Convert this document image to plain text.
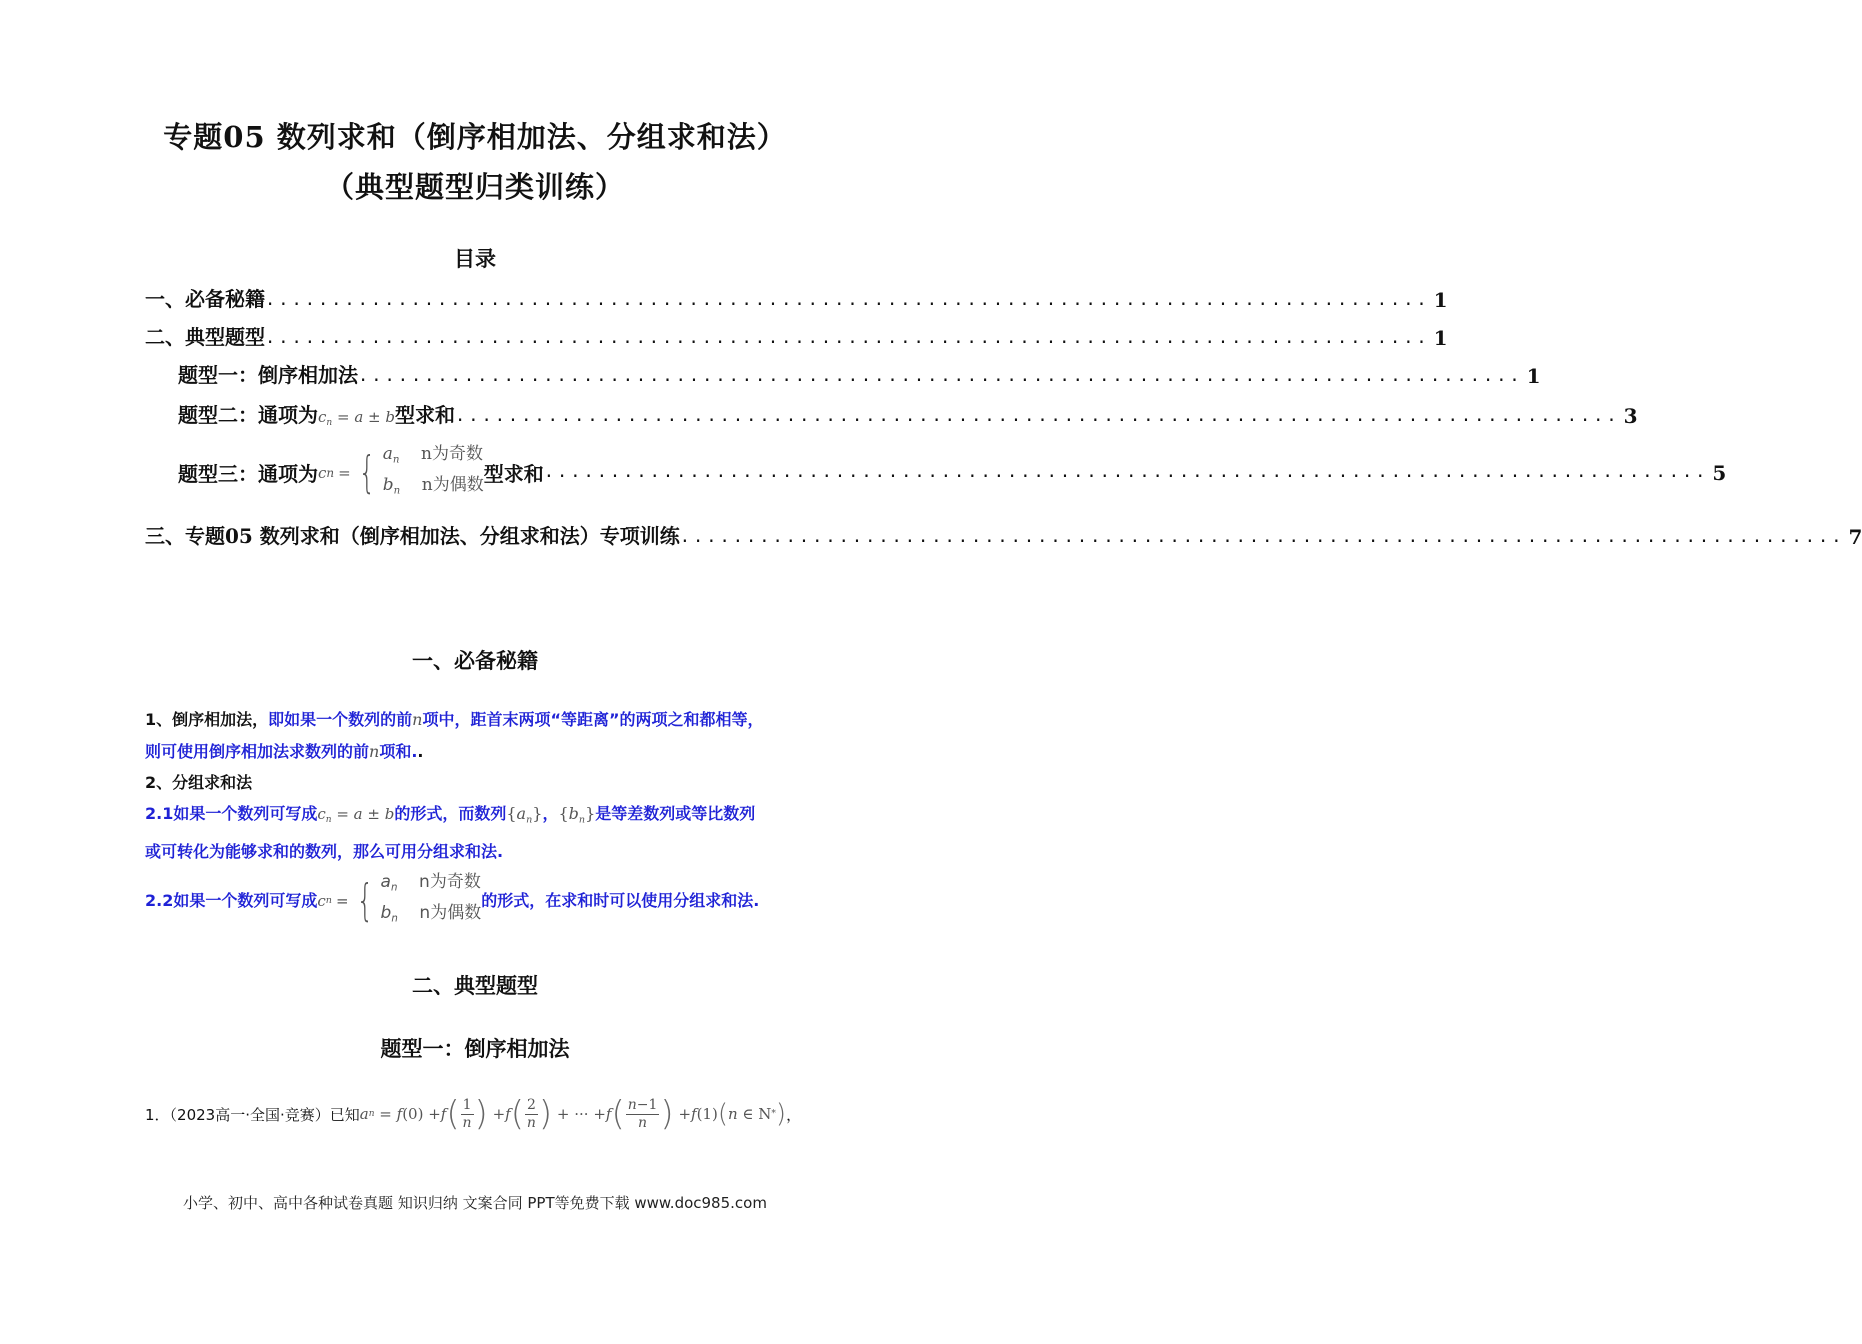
专题05 数列求和（倒序相加法、分组求和法）
（典型题型归类训练）
目录
一、必备秘籍 ........................................................................................ 1
二、典型题型 ........................................................................................ 1
题型一：倒序相加法 ........................................................................................ 1
题型二：通项为$c_n = a \pm b$型求和 ........................................................................................ 3
题型三：通项为 c n = { $a_n$ n为奇数
$b_n$ n为偶数 型求和 ........................................................................................ 5
三、专题05 数列求和（倒序相加法、分组求和法）专项训练 ........................................................................................ 7
一、必备秘籍
1、倒序相加法，即如果一个数列的前n项中，距首末两项“等距离”的两项之和都相等，
则可使用倒序相加法求数列的前n项和..
2、分组求和法
2.1如果一个数列可写成$c_n = a \pm b$的形式，而数列$\{a_n\}$，$\{b_n\}$是等差数列或等比数列
或可转化为能够求和的数列，那么可用分组求和法.
2.2如果一个数列可写成 c n = { $a_n$ n为奇数
$b_n$ n为偶数
的形式，在求和时可以使用分组求和法.
二、典型题型
题型一：倒序相加法
1．（2023高一·全国·竞赛）已知 a n = f (0) + f ( $\frac{1}{n}$ ) + f ( $\frac{2}{n}$ ) + ··· + f ( $\frac{n-1}{n}$ ) + f (1) ( n ∈ N * ) ，
小学、初中、高中各种试卷真题 知识归纳 文案合同 PPT等免费下载 www.doc985.com
